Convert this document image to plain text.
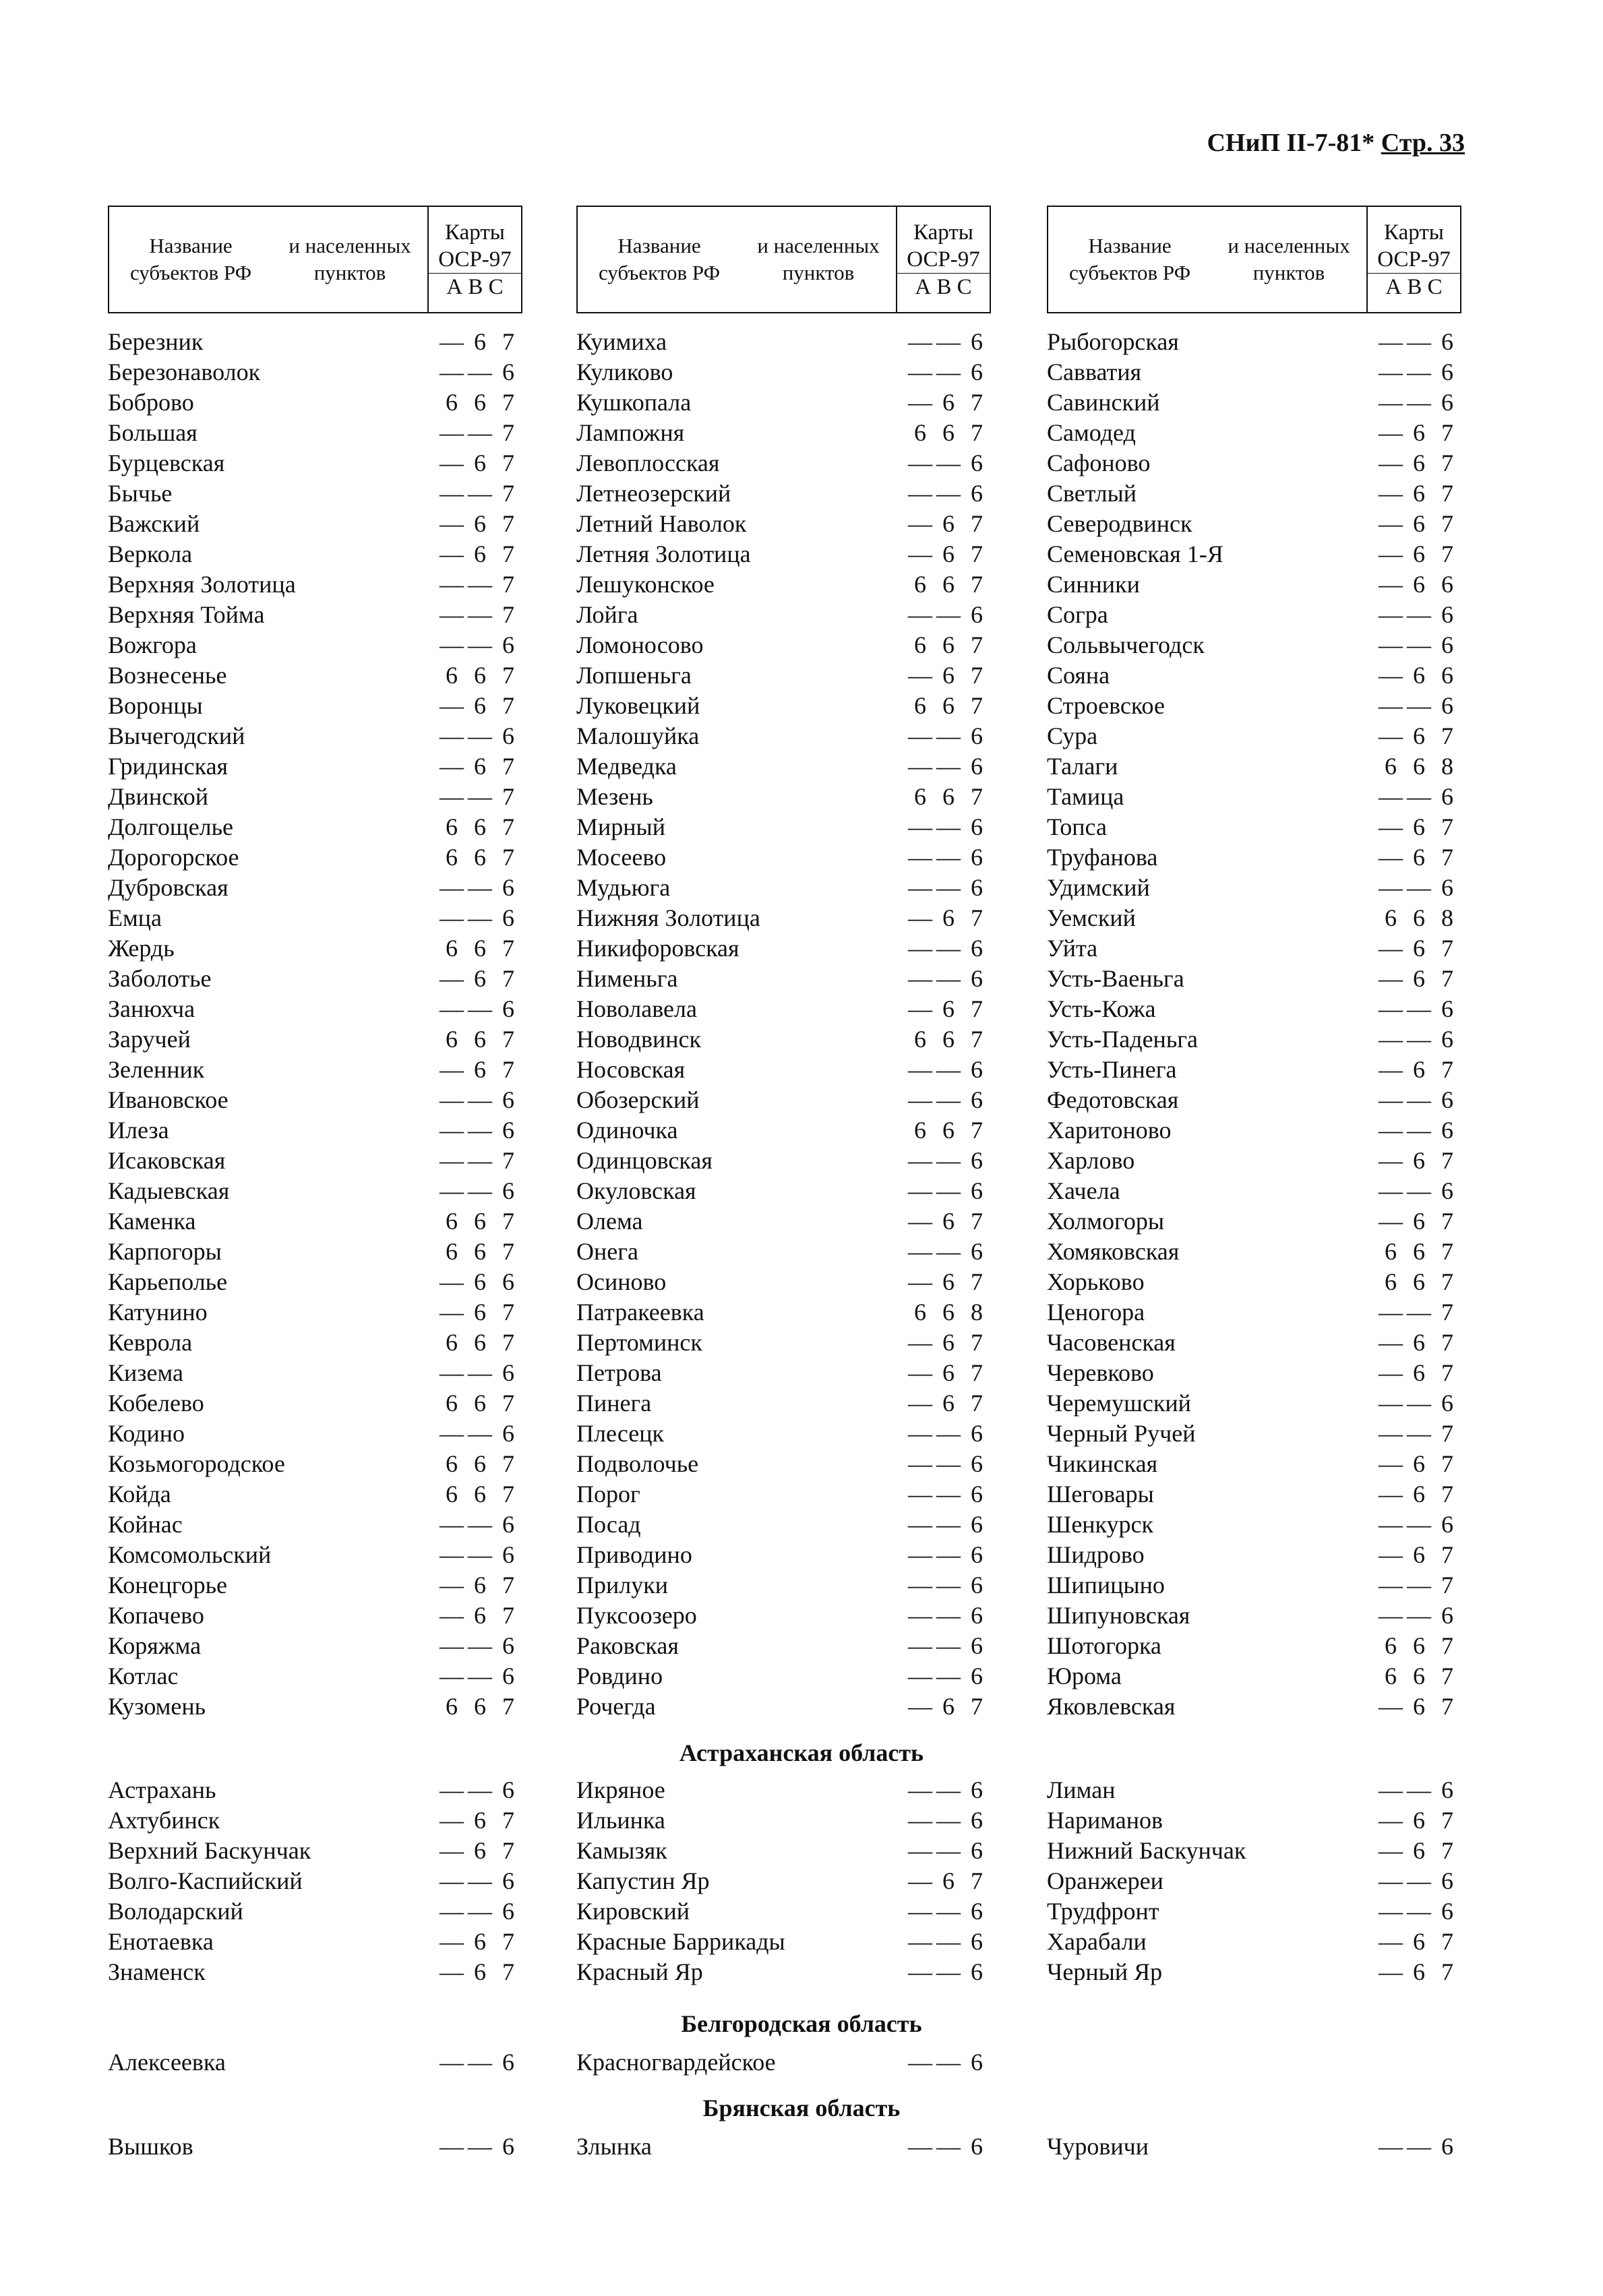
СНиП II-7-81* Стр. 33
Название субъектов РФ
и населенных пунктов
Карты
ОСР-97
А В С
Название субъектов РФ
и населенных пунктов
Карты
ОСР-97
А В С
Название субъектов РФ
и населенных пунктов
Карты
ОСР-97
А В С
Березник	— 6 7
Березонаволок	— — 6
Боброво	6 6 7
Большая	— — 7
Бурцевская	— 6 7
Бычье	— — 7
Важский	— 6 7
Веркола	— 6 7
Верхняя Золотица	— — 7
Верхняя Тойма	— — 7
Вожгора	— — 6
Вознесенье	6 6 7
Воронцы	— 6 7
Вычегодский	— — 6
Гридинская	— 6 7
Двинской	— — 7
Долгощелье	6 6 7
Дорогорское	6 6 7
Дубровская	— — 6
Емца	— — 6
Жердь	6 6 7
Заболотье	— 6 7
Занюхча	— — 6
Заручей	6 6 7
Зеленник	— 6 7
Ивановское	— — 6
Илеза	— — 6
Исаковская	— — 7
Кадыевская	— — 6
Каменка	6 6 7
Карпогоры	6 6 7
Карьеполье	— 6 6
Катунино	— 6 7
Кеврола	6 6 7
Кизема	— — 6
Кобелево	6 6 7
Кодино	— — 6
Козьмогородское	6 6 7
Койда	6 6 7
Койнас	— — 6
Комсомольский	— — 6
Конецгорье	— 6 7
Копачево	— 6 7
Коряжма	— — 6
Котлас	— — 6
Кузомень	6 6 7
Куимиха	— — 6
Куликово	— — 6
Кушкопала	— 6 7
Лампожня	6 6 7
Левоплосская	— — 6
Летнеозерский	— — 6
Летний Наволок	— 6 7
Летняя Золотица	— 6 7
Лешуконское	6 6 7
Лойга	— — 6
Ломоносово	6 6 7
Лопшеньга	— 6 7
Луковецкий	6 6 7
Малошуйка	— — 6
Медведка	— — 6
Мезень	6 6 7
Мирный	— — 6
Мосеево	— — 6
Мудьюга	— — 6
Нижняя Золотица	— 6 7
Никифоровская	— — 6
Нименьга	— — 6
Новолавела	— 6 7
Новодвинск	6 6 7
Носовская	— — 6
Обозерский	— — 6
Одиночка	6 6 7
Одинцовская	— — 6
Окуловская	— — 6
Олема	— 6 7
Онега	— — 6
Осиново	— 6 7
Патракеевка	6 6 8
Пертоминск	— 6 7
Петрова	— 6 7
Пинега	— 6 7
Плесецк	— — 6
Подволочье	— — 6
Порог	— — 6
Посад	— — 6
Приводино	— — 6
Прилуки	— — 6
Пуксоозеро	— — 6
Раковская	— — 6
Ровдино	— — 6
Рочегда	— 6 7
Рыбогорская	— — 6
Савватия	— — 6
Савинский	— — 6
Самодед	— 6 7
Сафоново	— 6 7
Светлый	— 6 7
Северодвинск	— 6 7
Семеновская 1-Я	— 6 7
Синники	— 6 6
Согра	— — 6
Сольвычегодск	— — 6
Сояна	— 6 6
Строевское	— — 6
Сура	— 6 7
Талаги	6 6 8
Тамица	— — 6
Топса	— 6 7
Труфанова	— 6 7
Удимский	— — 6
Уемский	6 6 8
Уйта	— 6 7
Усть-Ваеньга	— 6 7
Усть-Кожа	— — 6
Усть-Паденьга	— — 6
Усть-Пинега	— 6 7
Федотовская	— — 6
Харитоново	— — 6
Харлово	— 6 7
Хачела	— — 6
Холмогоры	— 6 7
Хомяковская	6 6 7
Хорьково	6 6 7
Ценогора	— — 7
Часовенская	— 6 7
Черевково	— 6 7
Черемушский	— — 6
Черный Ручей	— — 7
Чикинская	— 6 7
Шеговары	— 6 7
Шенкурск	— — 6
Шидрово	— 6 7
Шипицыно	— — 7
Шипуновская	— — 6
Шотогорка	6 6 7
Юрома	6 6 7
Яковлевская	— 6 7
Астраханская область
Астрахань	— — 6
Ахтубинск	— 6 7
Верхний Баскунчак	— 6 7
Волго-Каспийский	— — 6
Володарский	— — 6
Енотаевка	— 6 7
Знаменск	— 6 7
Икряное	— — 6
Ильинка	— — 6
Камызяк	— — 6
Капустин Яр	— 6 7
Кировский	— — 6
Красные Баррикады	— — 6
Красный Яр	— — 6
Лиман	— — 6
Нариманов	— 6 7
Нижний Баскунчак	— 6 7
Оранжереи	— — 6
Трудфронт	— — 6
Харабали	— 6 7
Черный Яр	— 6 7
Белгородская область
Алексеевка	— — 6	Красногвардейское	— — 6
Брянская область
Вышков	— — 6	Злынка	— — 6	Чуровичи	— — 6
